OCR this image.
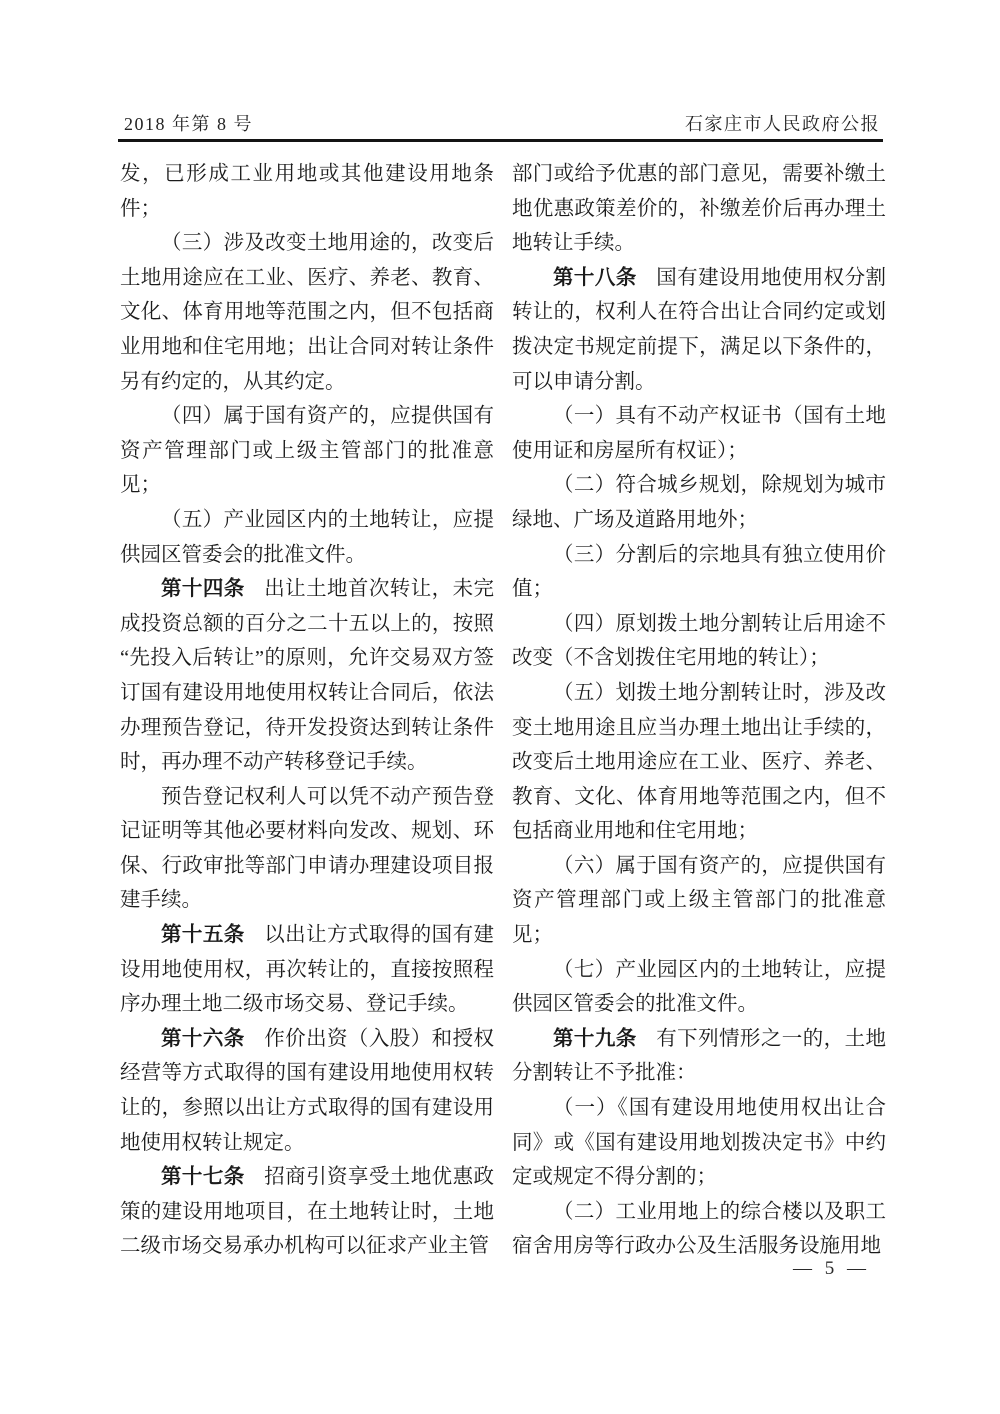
2018 年第 8 号	石家庄市人民政府公报
发，已形成工业用地或其他建设用地条件；
（三）涉及改变土地用途的，改变后土地用途应在工业、医疗、养老、教育、文化、体育用地等范围之内，但不包括商业用地和住宅用地；出让合同对转让条件另有约定的，从其约定。
（四）属于国有资产的，应提供国有资产管理部门或上级主管部门的批准意见；
（五）产业园区内的土地转让，应提供园区管委会的批准文件。
第十四条 出让土地首次转让，未完成投资总额的百分之二十五以上的，按照“先投入后转让”的原则，允许交易双方签订国有建设用地使用权转让合同后，依法办理预告登记，待开发投资达到转让条件时，再办理不动产转移登记手续。
预告登记权利人可以凭不动产预告登记证明等其他必要材料向发改、规划、环保、行政审批等部门申请办理建设项目报建手续。
第十五条 以出让方式取得的国有建设用地使用权，再次转让的，直接按照程序办理土地二级市场交易、登记手续。
第十六条 作价出资（入股）和授权经营等方式取得的国有建设用地使用权转让的，参照以出让方式取得的国有建设用地使用权转让规定。
第十七条 招商引资享受土地优惠政策的建设用地项目，在土地转让时，土地二级市场交易承办机构可以征求产业主管
部门或给予优惠的部门意见，需要补缴土地优惠政策差价的，补缴差价后再办理土地转让手续。
第十八条 国有建设用地使用权分割转让的，权利人在符合出让合同约定或划拨决定书规定前提下，满足以下条件的，可以申请分割。
（一）具有不动产权证书（国有土地使用证和房屋所有权证）；
（二）符合城乡规划，除规划为城市绿地、广场及道路用地外；
（三）分割后的宗地具有独立使用价值；
（四）原划拨土地分割转让后用途不改变（不含划拨住宅用地的转让）；
（五）划拨土地分割转让时，涉及改变土地用途且应当办理土地出让手续的，改变后土地用途应在工业、医疗、养老、教育、文化、体育用地等范围之内，但不包括商业用地和住宅用地；
（六）属于国有资产的，应提供国有资产管理部门或上级主管部门的批准意见；
（七）产业园区内的土地转让，应提供园区管委会的批准文件。
第十九条 有下列情形之一的，土地分割转让不予批准：
（一）《国有建设用地使用权出让合同》或《国有建设用地划拨决定书》中约定或规定不得分割的；
（二）工业用地上的综合楼以及职工宿舍用房等行政办公及生活服务设施用地
— 5 —
